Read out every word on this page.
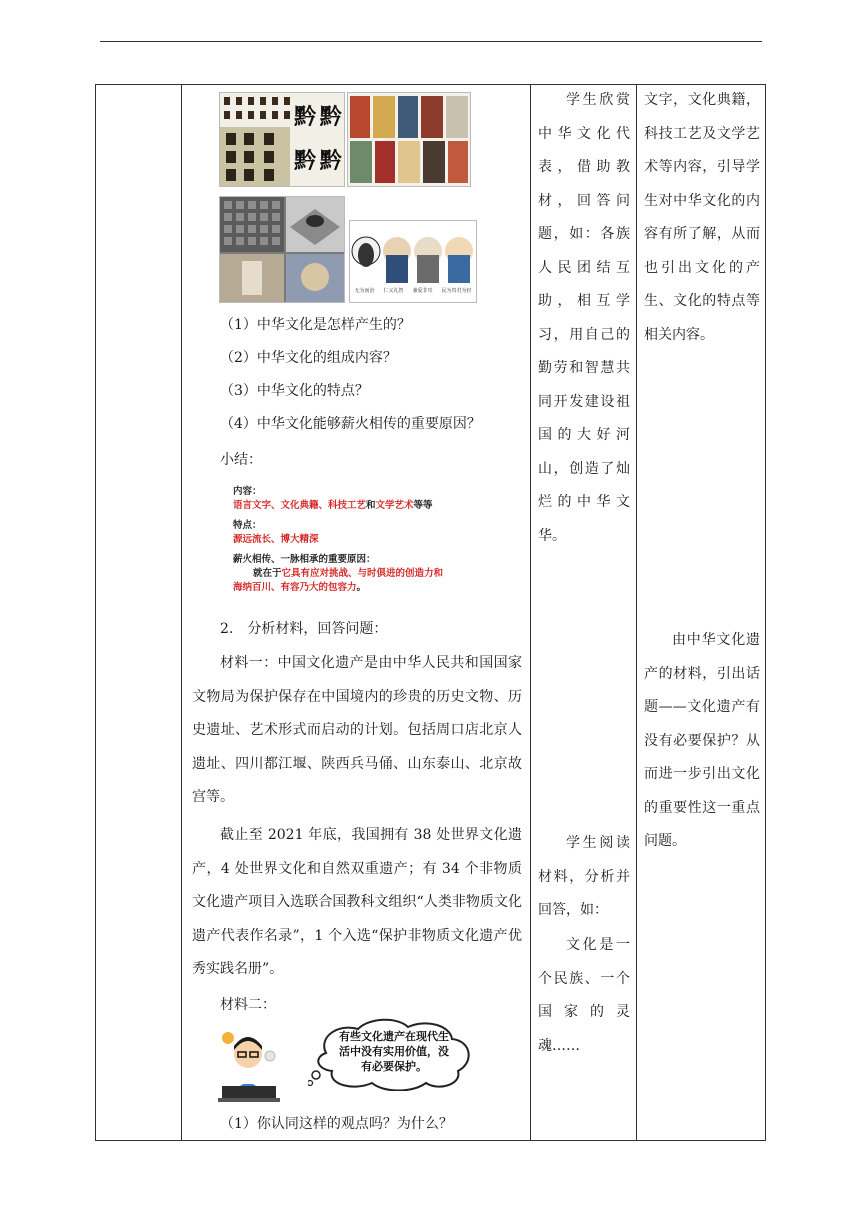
黔 黔 黔 黔
无为而治 仁义礼智 兼爱非攻 民为贵君为轻
（1）中华文化是怎样产生的？
（2）中华文化的组成内容？
（3）中华文化的特点？
（4）中华文化能够薪火相传的重要原因？
小结：
内容：
语言文字、文化典籍、科技工艺和文学艺术等等
特点：
源远流长、博大精深
薪火相传、一脉相承的重要原因：
就在于它具有应对挑战、与时俱进的创造力和
海纳百川、有容乃大的包容力。
2.　分析材料，回答问题：
材料一：中国文化遗产是由中华人民共和国国家文物局为保护保存在中国境内的珍贵的历史文物、历史遗址、艺术形式而启动的计划。包括周口店北京人遗址、四川都江堰、陕西兵马俑、山东泰山、北京故宫等。
截止至 2021 年底，我国拥有 38 处世界文化遗产，4 处世界文化和自然双重遗产；有 34 个非物质文化遗产项目入选联合国教科文组织“人类非物质文化遗产代表作名录”，1 个入选“保护非物质文化遗产优秀实践名册”。
材料二：
有些文化遗产在现代生活中没有实用价值，没有必要保护。
（1）你认同这样的观点吗？为什么？
学生欣赏中华文化代表，借助教材，回答问题，如：各族人民团结互助，相互学习，用自己的勤劳和智慧共同开发建设祖国的大好河山，创造了灿烂的中华文华。
学生阅读材料，分析并回答，如：
文化是一个民族、一个国家的灵魂……
文字，文化典籍，科技工艺及文学艺术等内容，引导学生对中华文化的内容有所了解，从而也引出文化的产生、文化的特点等相关内容。
由中华文化遗产的材料，引出话题——文化遗产有没有必要保护？从而进一步引出文化的重要性这一重点问题。
